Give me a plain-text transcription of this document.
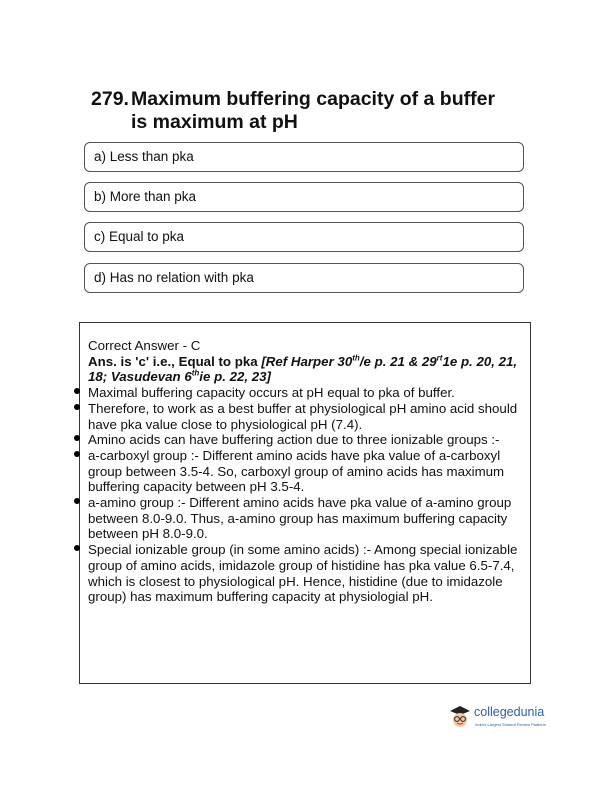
279. Maximum buffering capacity of a buffer
is maximum at pH
a) Less than pka
b) More than pka
c) Equal to pka
d) Has no relation with pka

Correct Answer - C

Ans. is 'c' i.e., Equal to pka [Ref Harper 30th/e p. 21 & $29^{rt}1e$ p. 20, 21, 18; Vasudevan 6thie p. 22, 23]

Maximal buffering capacity occurs at pH equal to pka of buffer.
Therefore, to work as a best buffer at physiological pH amino acid should have pka value close to physiological pH (7.4).
Amino acids can have buffering action due to three ionizable groups :-
a-carboxyl group :- Different amino acids have pka value of a-carboxyl group between 3.5-4. So, carboxyl group of amino acids has maximum buffering capacity between pH 3.5-4.
a-amino group :- Different amino acids have pka value of a-amino group between 8.0-9.0. Thus, a-amino group has maximum buffering capacity between pH 8.0-9.0.
Special ionizable group (in some amino acids) :- Among special ionizable group of amino acids, imidazole group of histidine has pka value 6.5-7.4, which is closest to physiological pH. Hence, histidine (due to imidazole group) has maximum buffering capacity at physiologial pH.
collegedunia
India's Largest Student Review Platform
